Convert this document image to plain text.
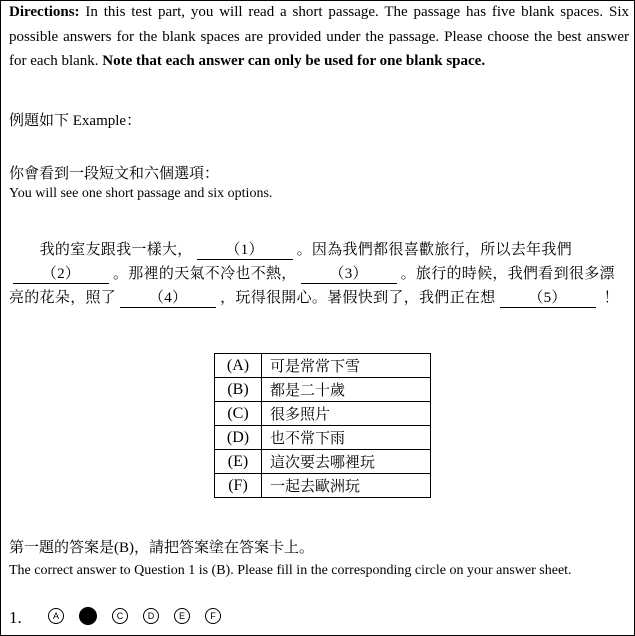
Directions: In this test part, you will read a short passage. The passage has five blank spaces. Six possible answers for the blank spaces are provided under the passage. Please choose the best answer for each blank. Note that each answer can only be used for one blank space.
例題如下 Example：
你會看到一段短文和六個選項：
You will see one short passage and six options.
  我的室友跟我一樣大， （1） 。因為我們都很喜歡旅行，所以去年我們（2） 。那裡的天氣不冷也不熱， （3） 。旅行的時候，我們看到很多漂亮的花朵，照了 （4） ，玩得很開心。暑假快到了，我們正在想 （5） ！
(A)	可是常常下雪
(B)	都是二十歲
(C)	很多照片
(D)	也不常下雨
(E)	這次要去哪裡玩
(F)	一起去歐洲玩
第一題的答案是(B)，請把答案塗在答案卡上。
The correct answer to Question 1 is (B). Please fill in the corresponding circle on your answer sheet.
1.	A	B	C	D	E	F
